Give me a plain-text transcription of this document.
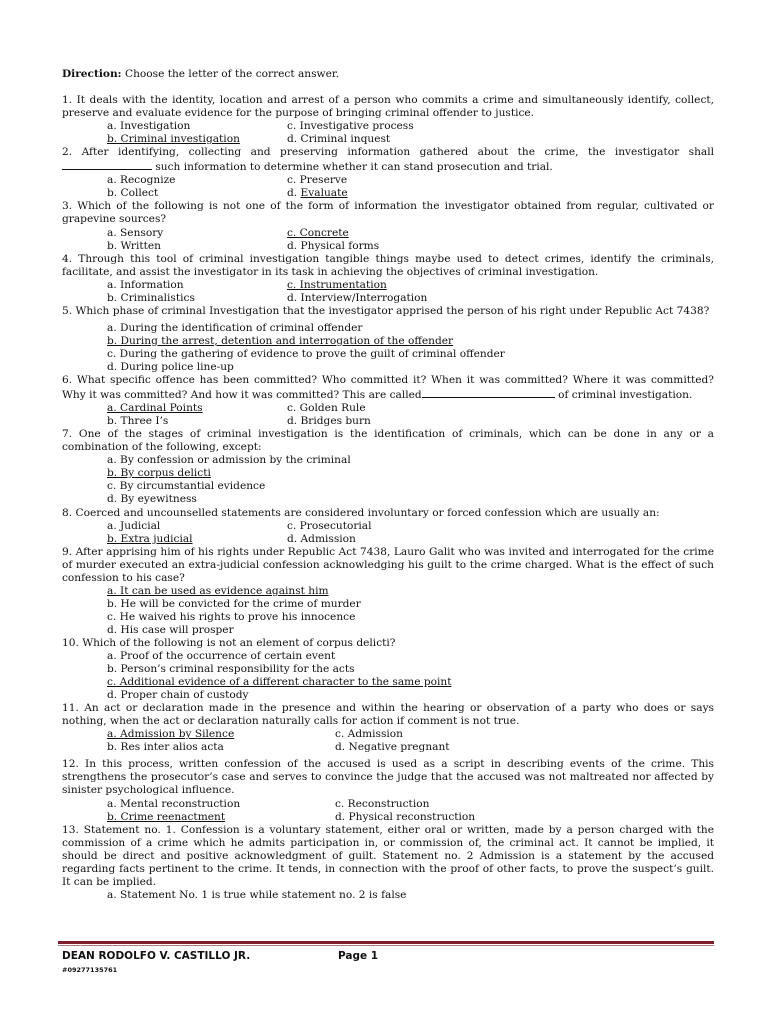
Direction: Choose the letter of the correct answer.
1. It deals with the identity, location and arrest of a person who commits a crime and simultaneously identify, collect, preserve and evaluate evidence for the purpose of bringing criminal offender to justice.
a. Investigation	c. Investigative process
b. Criminal investigation	d. Criminal inquest
2. After identifying, collecting and preserving information gathered about the crime, the investigator shall  such information to determine whether it can stand prosecution and trial.
a. Recognize	c. Preserve
b. Collect	d. Evaluate
3. Which of the following is not one of the form of information the investigator obtained from regular, cultivated or grapevine sources?
a. Sensory	c. Concrete
b. Written	d. Physical forms
4. Through this tool of criminal investigation tangible things maybe used to detect crimes, identify the criminals, facilitate, and assist the investigator in its task in achieving the objectives of criminal investigation.
a. Information	c. Instrumentation
b. Criminalistics	d. Interview/Interrogation
5. Which phase of criminal Investigation that the investigator apprised the person of his right under Republic Act 7438?
a. During the identification of criminal offender
b. During the arrest, detention and interrogation of the offender
c. During the gathering of evidence to prove the guilt of criminal offender
d. During police line-up
6. What specific offence has been committed? Who committed it? When it was committed? Where it was committed? Why it was committed? And how it was committed? This are called	of criminal investigation.
a. Cardinal Points	c. Golden Rule
b. Three I’s	d. Bridges burn
7. One of the stages of criminal investigation is the identification of criminals, which can be done in any or a combination of the following, except:
a. By confession or admission by the criminal
b. By corpus delicti
c. By circumstantial evidence
d. By eyewitness
8. Coerced and uncounselled statements are considered involuntary or forced confession which are usually an:
a. Judicial	c. Prosecutorial
b. Extra judicial	d. Admission
9. After apprising him of his rights under Republic Act 7438, Lauro Galit who was invited and interrogated for the crime of murder executed an extra-judicial confession acknowledging his guilt to the crime charged. What is the effect of such confession to his case?
a. It can be used as evidence against him
b. He will be convicted for the crime of murder
c. He waived his rights to prove his innocence
d. His case will prosper
10. Which of the following is not an element of corpus delicti?
a. Proof of the occurrence of certain event
b. Person’s criminal responsibility for the acts
c. Additional evidence of a different character to the same point
d. Proper chain of custody
11. An act or declaration made in the presence and within the hearing or observation of a party who does or says nothing, when the act or declaration naturally calls for action if comment is not true.
a. Admission by Silence	c. Admission
b. Res inter alios acta	d. Negative pregnant
12. In this process, written confession of the accused is used as a script in describing events of the crime. This strengthens the prosecutor’s case and serves to convince the judge that the accused was not maltreated nor affected by sinister psychological influence.
a. Mental reconstruction	c. Reconstruction
b. Crime reenactment	d. Physical reconstruction
13. Statement no. 1. Confession is a voluntary statement, either oral or written, made by a person charged with the commission of a crime which he admits participation in, or commission of, the criminal act. It cannot be implied, it should be direct and positive acknowledgment of guilt. Statement no. 2 Admission is a statement by the accused regarding facts pertinent to the crime. It tends, in connection with the proof of other facts, to prove the suspect’s guilt. It can be implied.
a. Statement No. 1 is true while statement no. 2 is false
DEAN RODOLFO V. CASTILLO JR.	Page 1
#09277135761
